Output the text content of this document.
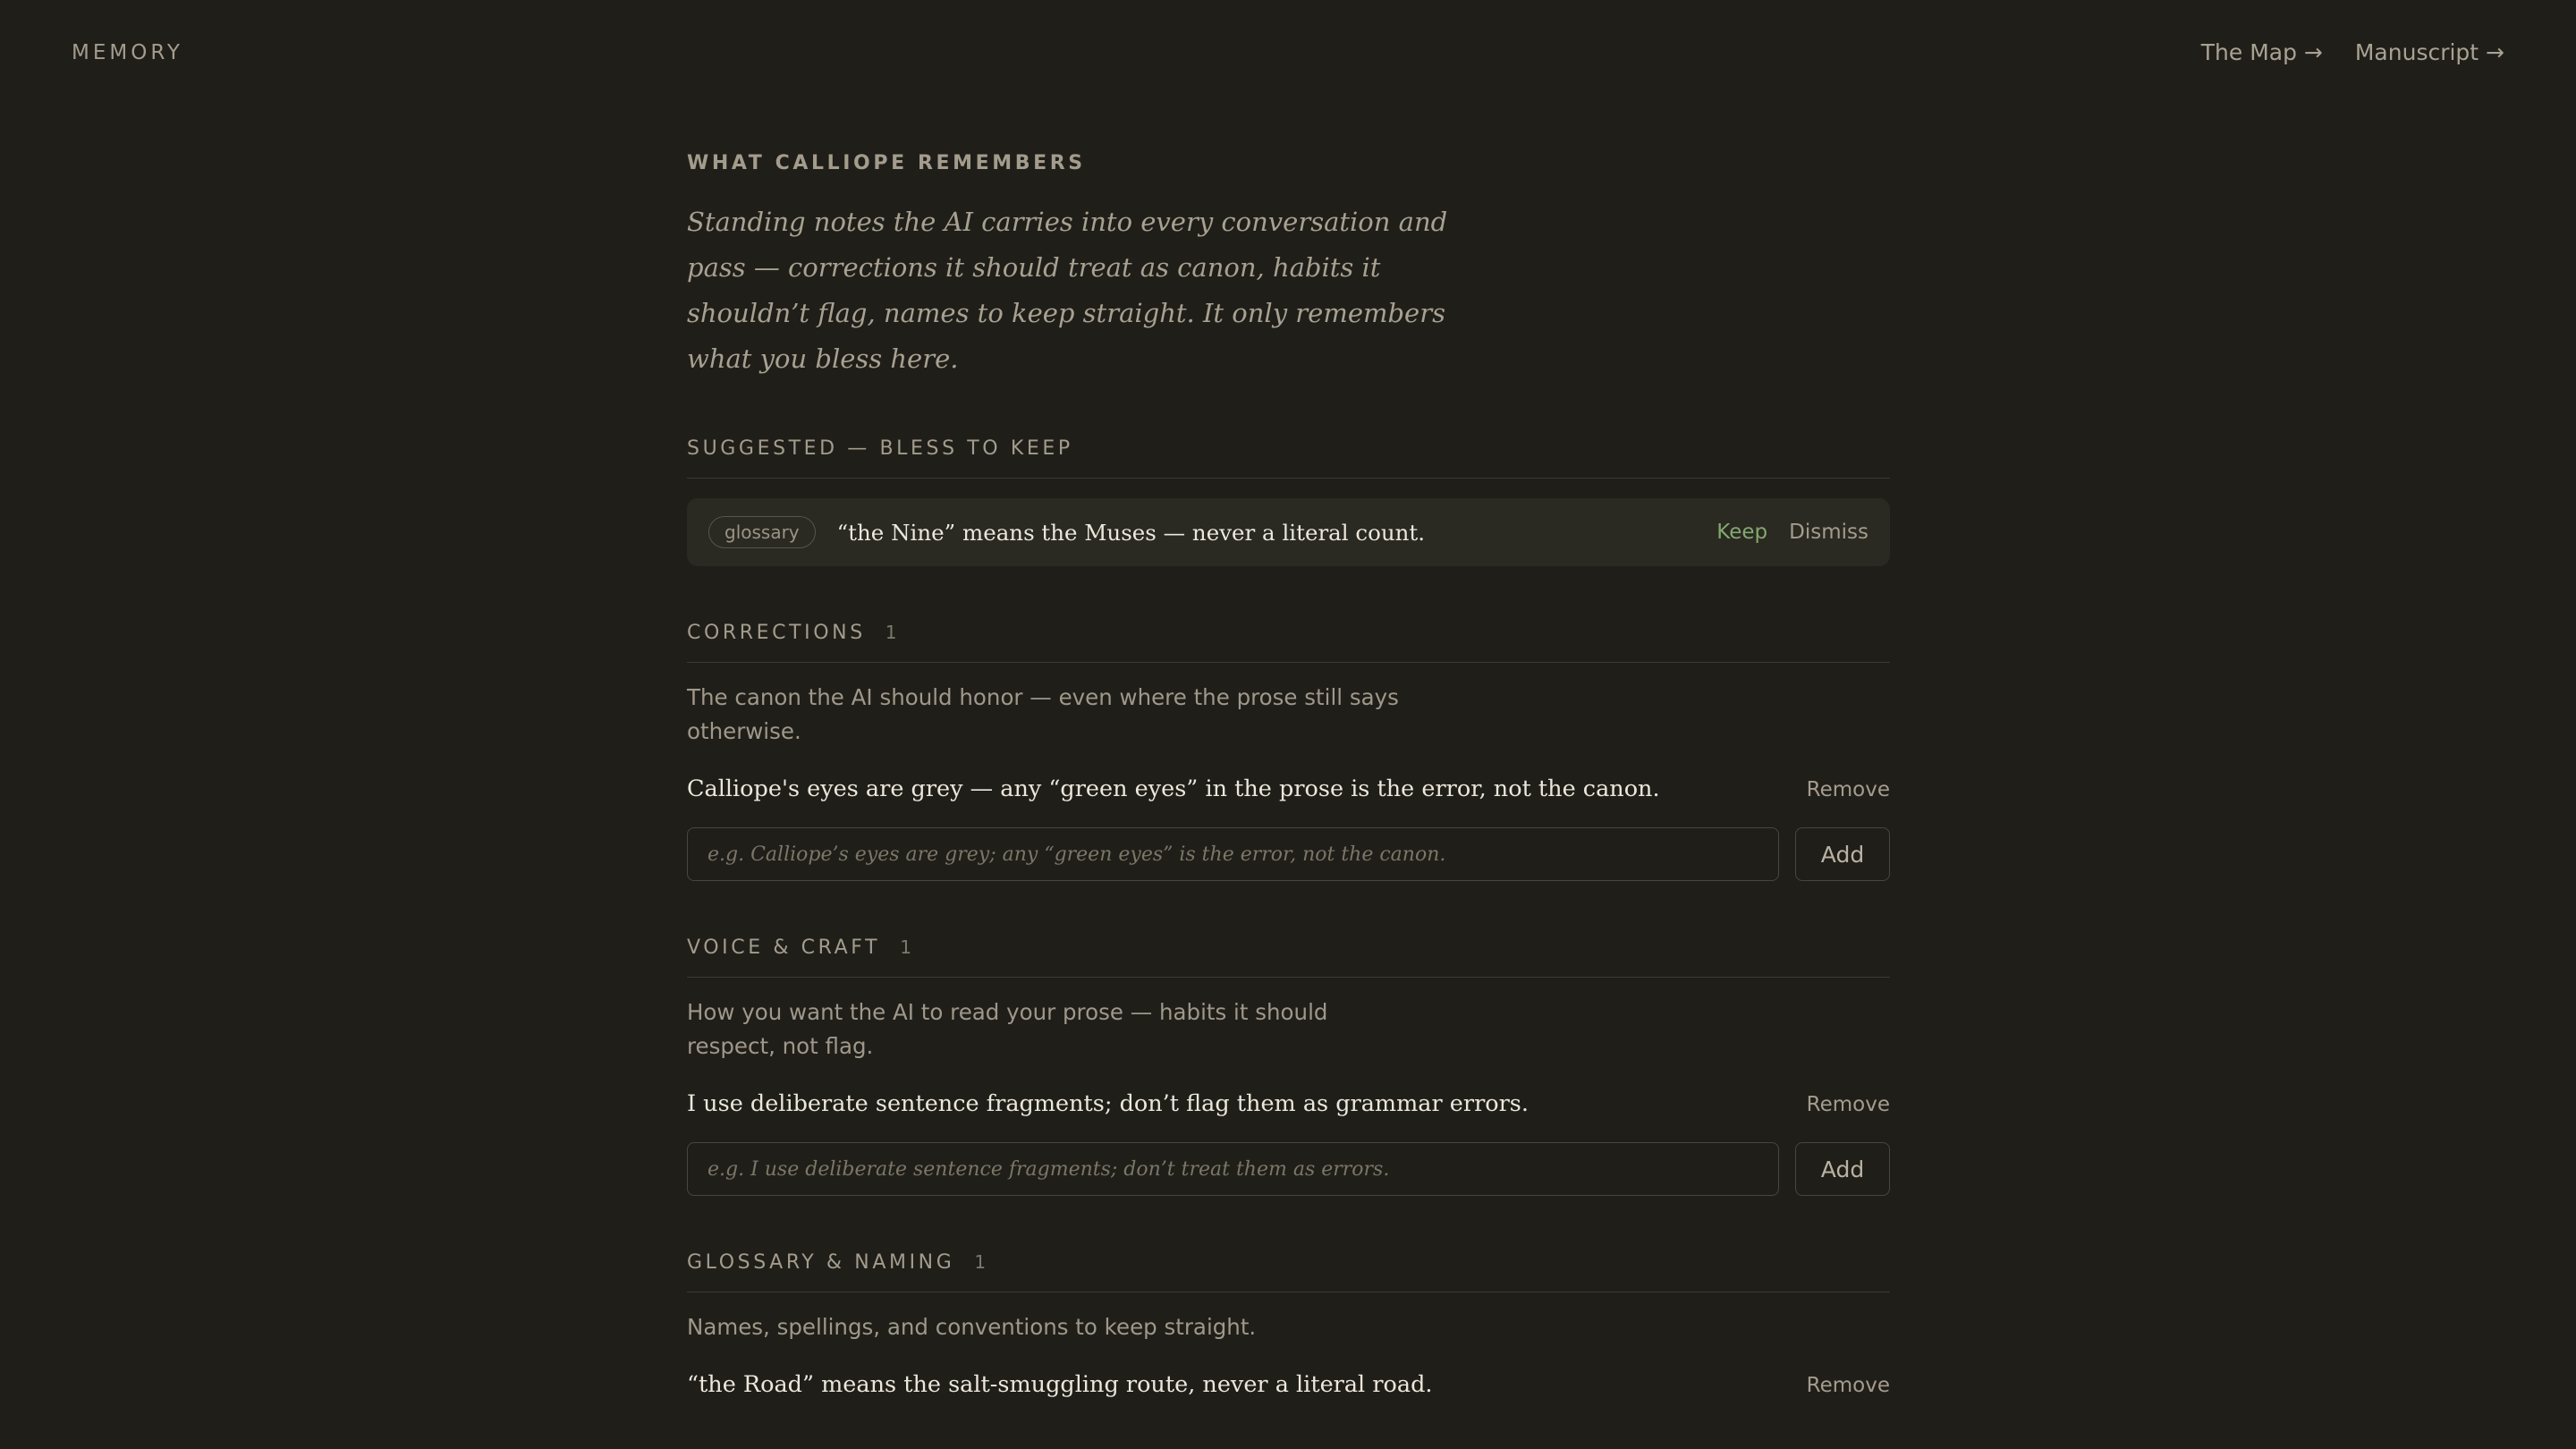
MEMORY	The Map → Manuscript →
WHAT CALLIOPE REMEMBERS

Standing notes the AI carries into every conversation and pass — corrections it should treat as canon, habits it shouldn’t flag, names to keep straight. It only remembers what you bless here.

SUGGESTED — BLESS TO KEEP
glossary	“the Nine” means the Muses — never a literal count.	Keep Dismiss
CORRECTIONS 1
The canon the AI should honor — even where the prose still says otherwise.
Calliope's eyes are grey — any “green eyes” in the prose is the error, not the canon.	Remove
e.g. Calliope’s eyes are grey; any “green eyes” is the error, not the canon.
Add
VOICE & CRAFT 1
How you want the AI to read your prose — habits it should respect, not flag.
I use deliberate sentence fragments; don’t flag them as grammar errors.	Remove
e.g. I use deliberate sentence fragments; don’t treat them as errors.
Add
GLOSSARY & NAMING 1
Names, spellings, and conventions to keep straight.
“the Road” means the salt-smuggling route, never a literal road.	Remove
